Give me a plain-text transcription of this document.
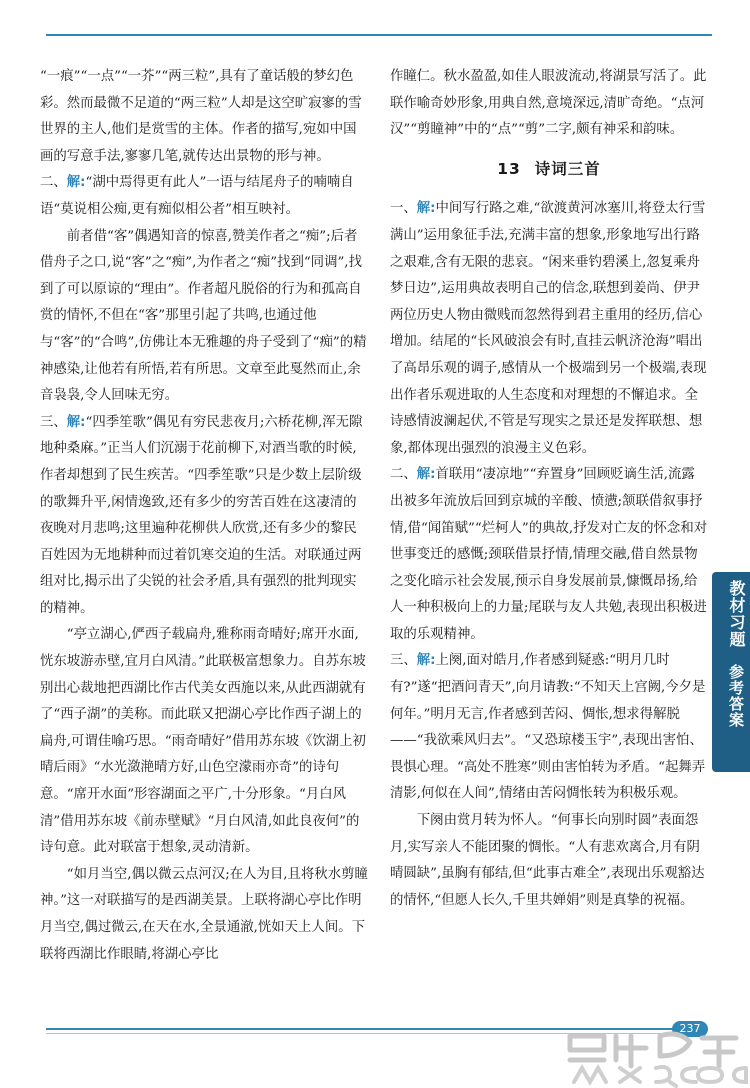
“一痕”“一点”“一芥”“两三粒”,具有了童话般的梦幻色彩。然而最微不足道的“两三粒”人却是这空旷寂寥的雪世界的主人,他们是赏雪的主体。作者的描写,宛如中国画的写意手法,寥寥几笔,就传达出景物的形与神。

二、解:“湖中焉得更有此人”一语与结尾舟子的喃喃自语“莫说相公痴,更有痴似相公者”相互映衬。

前者借“客”偶遇知音的惊喜,赞美作者之“痴”;后者借舟子之口,说“客”之“痴”,为作者之“痴”找到“同调”,找到了可以原谅的“理由”。作者超凡脱俗的行为和孤高自赏的情怀,不但在“客”那里引起了共鸣,也通过他与“客”的“合鸣”,仿佛让本无雅趣的舟子受到了“痴”的精神感染,让他若有所悟,若有所思。文章至此戛然而止,余音袅袅,令人回味无穷。

三、解:“四季笙歌”偶见有穷民悲夜月;六桥花柳,浑无隙地种桑麻。”正当人们沉溺于花前柳下,对酒当歌的时候,作者却想到了民生疾苦。“四季笙歌”只是少数上层阶级的歌舞升平,闲情逸致,还有多少的穷苦百姓在这凄清的夜晚对月悲鸣;这里遍种花柳供人欣赏,还有多少的黎民百姓因为无地耕种而过着饥寒交迫的生活。对联通过两组对比,揭示出了尖锐的社会矛盾,具有强烈的批判现实的精神。

“亭立湖心,俨西子载扁舟,雅称雨奇晴好;席开水面,恍东坡游赤壁,宜月白风清。”此联极富想象力。自苏东坡别出心裁地把西湖比作古代美女西施以来,从此西湖就有了“西子湖”的美称。而此联又把湖心亭比作西子湖上的扁舟,可谓佳喻巧思。“雨奇晴好”借用苏东坡《饮湖上初晴后雨》“水光潋滟晴方好,山色空濛雨亦奇”的诗句意。“席开水面”形容湖面之平广,十分形象。“月白风清”借用苏东坡《前赤壁赋》“月白风清,如此良夜何”的诗句意。此对联富于想象,灵动清新。

“如月当空,偶以微云点河汉;在人为目,且将秋水剪瞳神。”这一对联描写的是西湖美景。上联将湖心亭比作明月当空,偶过微云,在天在水,全景通澈,恍如天上人间。下联将西湖比作眼睛,将湖心亭比

作瞳仁。秋水盈盈,如佳人眼波流动,将湖景写活了。此联作喻奇妙形象,用典自然,意境深远,清旷奇绝。“点河汉”“剪瞳神”中的“点”“剪”二字,颇有神采和韵味。

13 诗词三首

一、解:中间写行路之难,“欲渡黄河冰塞川,将登太行雪满山”运用象征手法,充满丰富的想象,形象地写出行路之艰难,含有无限的悲哀。“闲来垂钓碧溪上,忽复乘舟梦日边”,运用典故表明自己的信念,联想到姜尚、伊尹两位历史人物由微贱而忽然得到君主重用的经历,信心增加。结尾的“长风破浪会有时,直挂云帆济沧海”唱出了高昂乐观的调子,感情从一个极端到另一个极端,表现出作者乐观进取的人生态度和对理想的不懈追求。全诗感情波澜起伏,不管是写现实之景还是发挥联想、想象,都体现出强烈的浪漫主义色彩。

二、解:首联用“凄凉地”“弃置身”回顾贬谪生活,流露出被多年流放后回到京城的辛酸、愤懑;颔联借叙事抒情,借“闻笛赋”“烂柯人”的典故,抒发对亡友的怀念和对世事变迁的感慨;颈联借景抒情,情理交融,借自然景物之变化暗示社会发展,预示自身发展前景,慷慨昂扬,给人一种积极向上的力量;尾联与友人共勉,表现出积极进取的乐观精神。

三、解:上阕,面对皓月,作者感到疑惑:“明月几时有?”遂“把酒问青天”,向月请教:“不知天上宫阙,今夕是何年。”明月无言,作者感到苦闷、惆怅,想求得解脱——“我欲乘风归去”。“又恐琼楼玉宇”,表现出害怕、畏惧心理。“高处不胜寒”则由害怕转为矛盾。“起舞弄清影,何似在人间”,情绪由苦闷惆怅转为积极乐观。

下阕由赏月转为怀人。“何事长向别时圆”表面怨月,实写亲人不能团聚的惆怅。“人有悲欢离合,月有阴晴圆缺”,虽胸有郁结,但“此事古难全”,表现出乐观豁达的情怀,“但愿人长久,千里共婵娟”则是真挚的祝福。

教材习题
参考答案
237
